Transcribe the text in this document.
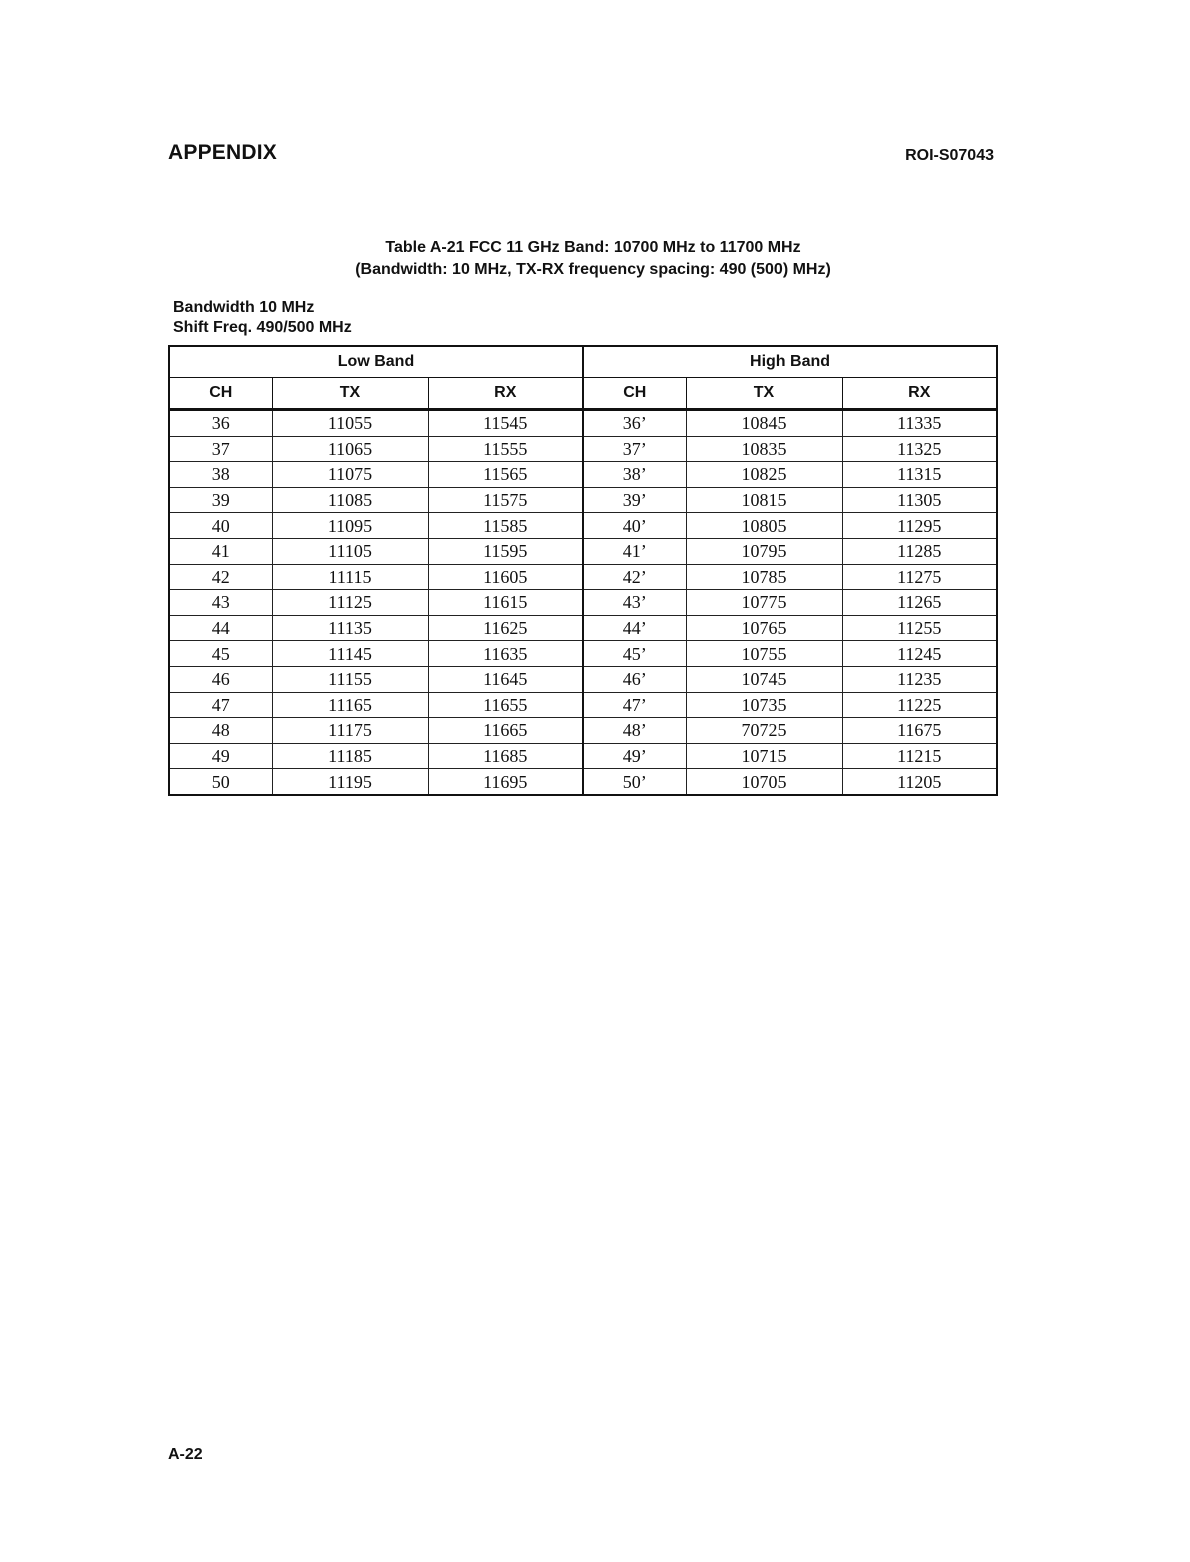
APPENDIX	ROI-S07043
Table A-21 FCC 11 GHz Band: 10700 MHz to 11700 MHz
(Bandwidth: 10 MHz, TX-RX frequency spacing: 490 (500) MHz)
Bandwidth 10 MHz
Shift Freq. 490/500 MHz
Low Band			High Band		
CH	TX	RX	CH	TX	RX
36	11055	11545	36’	10845	11335
37	11065	11555	37’	10835	11325
38	11075	11565	38’	10825	11315
39	11085	11575	39’	10815	11305
40	11095	11585	40’	10805	11295
41	11105	11595	41’	10795	11285
42	11115	11605	42’	10785	11275
43	11125	11615	43’	10775	11265
44	11135	11625	44’	10765	11255
45	11145	11635	45’	10755	11245
46	11155	11645	46’	10745	11235
47	11165	11655	47’	10735	11225
48	11175	11665	48’	70725	11675
49	11185	11685	49’	10715	11215
50	11195	11695	50’	10705	11205
A-22
